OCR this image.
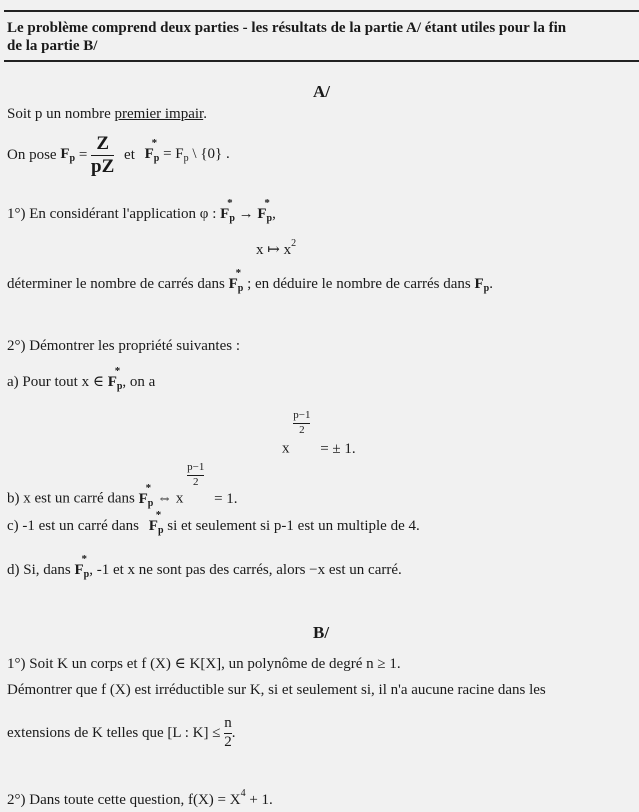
Le problème comprend deux parties - les résultats de la partie A/ étant utiles pour la fin
de la partie B/
A/
Soit p un nombre premier impair.
On pose $F_p = \frac{Z}{pZ}$ et $F_p$
*
= $F_p$ \ {0} .
1°) En considérant l'application φ : $F_p$
*
→ $F_p$
*
,
x ↦ $x^2$
déterminer le nombre de carrés dans $F_p$
*
; en déduire le nombre de carrés dans $F_p$.
2°) Démontrer les propriété suivantes :
a) Pour tout x ∈ $F_p$
*
, on a
x
$\frac{p-1}{2}$
= ± 1.
b) x est un carré dans $F_p$
*
⇔ x
$\frac{p-1}{2}$
= 1.
c) -1 est un carré dans $F_p$
*
si et seulement si p-1 est un multiple de 4.
d) Si, dans $F_p$
*
, -1 et x ne sont pas des carrés, alors −x est un carré.
B/
1°) Soit K un corps et f (X) ∈ K[X], un polynôme de degré n ≥ 1.
Démontrer que f (X) est irréductible sur K, si et seulement si, il n'a aucune racine dans les
extensions de K telles que [L : $K] \le \frac{n}{2}$ .
2°) Dans toute cette question, $f(X) = X^4 + 1$.
